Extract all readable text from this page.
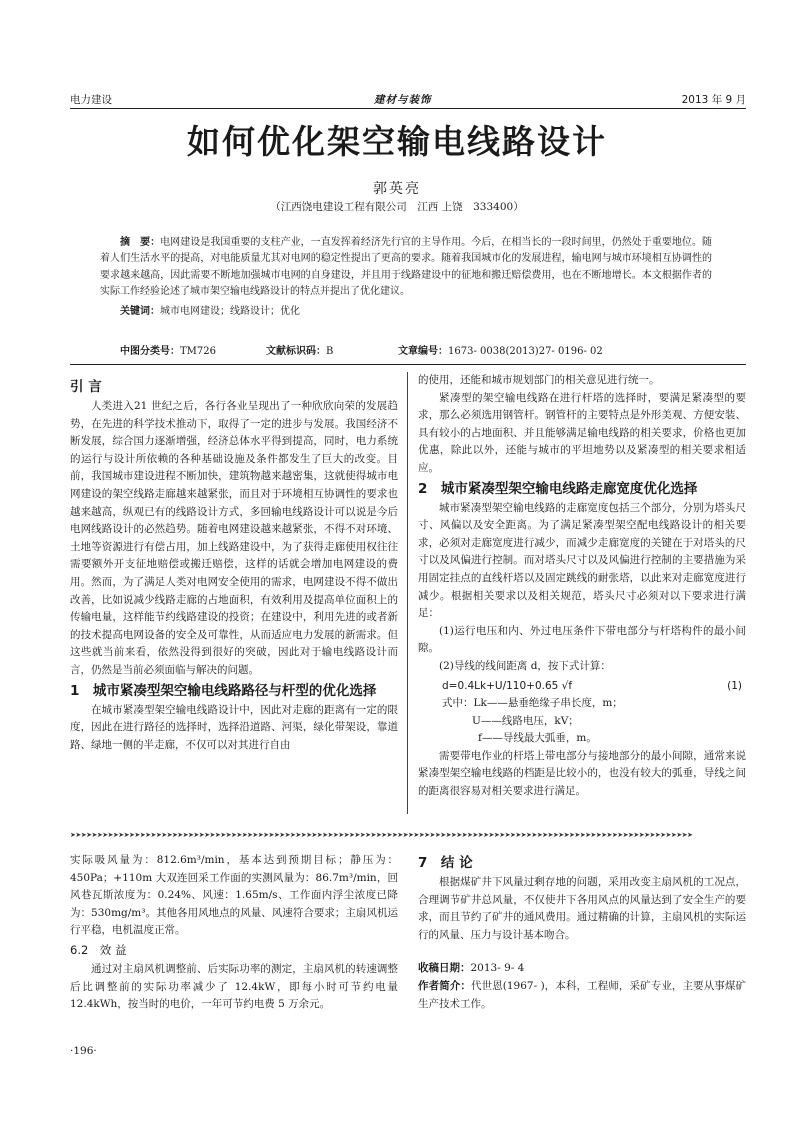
电力建设	建材与装饰	2013 年 9 月
如何优化架空输电线路设计
郭英亮
（江西饶电建设工程有限公司　江西 上饶　333400）
摘　要：电网建设是我国重要的支柱产业，一直发挥着经济先行官的主导作用。今后，在相当长的一段时间里，仍然处于重要地位。随着人们生活水平的提高，对电能质量尤其对电网的稳定性提出了更高的要求。随着我国城市化的发展进程，输电网与城市环境相互协调性的要求越来越高，因此需要不断地加强城市电网的自身建设，并且用于线路建设中的征地和搬迁赔偿费用，也在不断地增长。本文根据作者的实际工作经验论述了城市架空输电线路设计的特点并提出了优化建议。
关键词：城市电网建设；线路设计；优化
中图分类号：TM726	文献标识码：B	文章编号：1673- 0038(2013)27- 0196- 02
引 言

人类进入21 世纪之后，各行各业呈现出了一种欣欣向荣的发展趋势，在先进的科学技术推动下，取得了一定的进步与发展。我国经济不断发展，综合国力逐渐增强，经济总体水平得到提高，同时，电力系统的运行与设计所依赖的各种基础设施及条件都发生了巨大的改变。目前，我国城市建设进程不断加快，建筑物越来越密集，这就使得城市电网建设的架空线路走廊越来越紧张，而且对于环境相互协调性的要求也越来越高，纵观已有的线路设计方式，多回输电线路设计可以说是今后电网线路设计的必然趋势。随着电网建设越来越紧张，不得不对环境、土地等资源进行有偿占用，加上线路建设中，为了获得走廊使用权往往需要额外开支征地赔偿或搬迁赔偿，这样的话就会增加电网建设的费用。然而，为了满足人类对电网安全使用的需求，电网建设不得不做出改善，比如说减少线路走廊的占地面积，有效利用及提高单位面积上的传输电量，这样能节约线路建设的投资；在建设中，利用先进的或者新的技术提高电网设备的安全及可靠性，从而适应电力发展的新需求。但这些就当前来看，依然没得到很好的突破，因此对于输电线路设计而言，仍然是当前必须面临与解决的问题。

1　城市紧凑型架空输电线路路径与杆型的优化选择

在城市紧凑型架空输电线路设计中，因此对走廊的距离有一定的限度，因此在进行路径的选择时，选择沿道路、河渠，绿化带架设，靠道路、绿地一侧的半走廊，不仅可以对其进行自由

的使用，还能和城市规划部门的相关意见进行统一。

紧凑型的架空输电线路在进行杆塔的选择时，要满足紧凑型的要求，那么必须选用钢管杆。钢管杆的主要特点是外形美观、方便安装、具有较小的占地面积、并且能够满足输电线路的相关要求，价格也更加优惠，除此以外，还能与城市的平坦地势以及紧凑型的相关要求相适应。

2　城市紧凑型架空输电线路走廊宽度优化选择

城市紧凑型架空输电线路的走廊宽度包括三个部分，分别为塔头尺寸、风偏以及安全距离。为了满足紧凑型架空配电线路设计的相关要求，必须对走廊宽度进行减少，而减少走廊宽度的关键在于对塔头的尺寸以及风偏进行控制。而对塔头尺寸以及风偏进行控制的主要措施为采用固定挂点的直线杆塔以及固定跳线的耐张塔，以此来对走廊宽度进行减少。根据相关要求以及相关规范，塔头尺寸必须对以下要求进行满足：

(1)运行电压和内、外过电压条件下带电部分与杆塔构件的最小间隙。

(2)导线的线间距离 d，按下式计算：

d=0.4Lk+U/110+0.65 √f	(1)

式中：Lk——悬垂绝缘子串长度，m；

U——线路电压，kV；

f——导线最大弧垂，m。

需要带电作业的杆塔上带电部分与接地部分的最小间隙，通常来说紧凑型架空输电线路的档距是比较小的，也没有较大的弧垂，导线之间的距离很容易对相关要求进行满足。

➤➤➤➤➤➤➤➤➤➤➤➤➤➤➤➤➤➤➤➤➤➤➤➤➤➤➤➤➤➤➤➤➤➤➤➤➤➤➤➤➤➤➤➤➤➤➤➤➤➤➤➤➤➤➤➤➤➤➤➤➤➤➤➤➤➤➤➤➤➤➤➤➤➤➤➤➤➤➤➤➤➤➤➤➤➤➤➤➤➤➤➤➤➤➤➤➤➤➤➤➤➤➤➤➤➤➤➤➤➤➤➤➤➤➤➤

实际吸风量为：812.6m³/min，基本达到预期目标；静压为：450Pa；+110m 大双连回采工作面的实测风量为：86.7m³/min，回风巷瓦斯浓度为：0.24%、风速：1.65m/s、工作面内浮尘浓度已降为：530mg/m³。其他各用风地点的风量、风速符合要求；主扇风机运行平稳，电机温度正常。

6.2　效 益

通过对主扇风机调整前、后实际功率的测定，主扇风机的转速调整后比调整前的实际功率减少了 12.4kW，即每小时可节约电量 12.4kWh，按当时的电价，一年可节约电费 5 万余元。

7　结 论

根据煤矿井下风量过剩存地的问题，采用改变主扇风机的工况点，合理调节矿井总风量，不仅使井下各用风点的风量达到了安全生产的要求，而且节约了矿井的通风费用。通过精确的计算，主扇风机的实际运行的风量、压力与设计基本吻合。

收稿日期：2013- 9- 4

作者简介：代世恩(1967- )，本科，工程师，采矿专业，主要从事煤矿生产技术工作。

·196·
